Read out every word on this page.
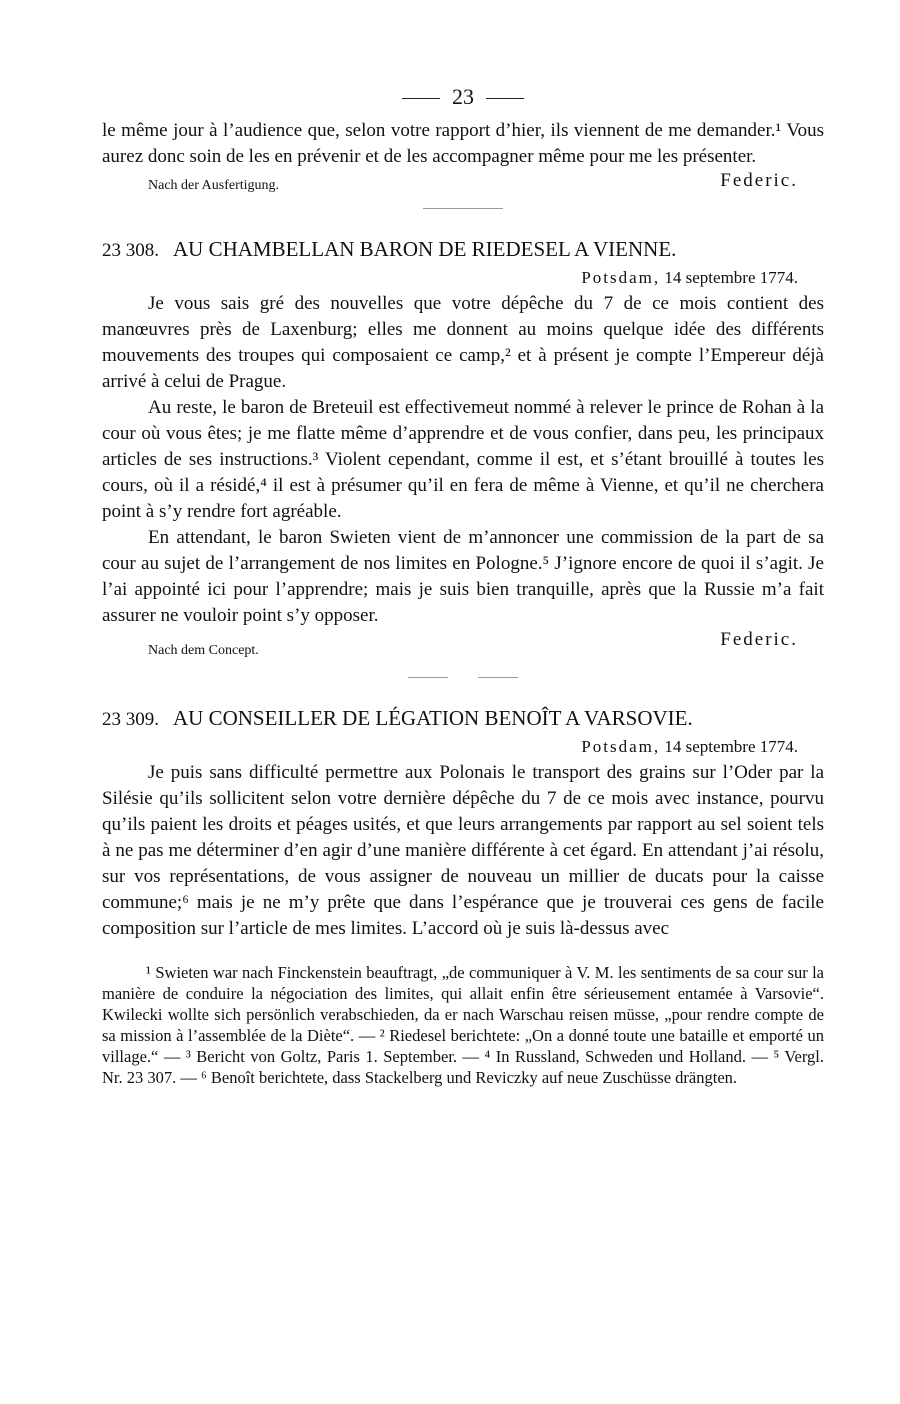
23

le même jour à l’audience que, selon votre rapport d’hier, ils viennent de me demander.¹ Vous aurez donc soin de les en prévenir et de les accompagner même pour me les présenter.

Nach der Ausfertigung.	Federic.

23 308. AU CHAMBELLAN BARON DE RIEDESEL A VIENNE.

Potsdam, 14 septembre 1774.

Je vous sais gré des nouvelles que votre dépêche du 7 de ce mois contient des manœuvres près de Laxenburg; elles me donnent au moins quelque idée des différents mouvements des troupes qui composaient ce camp,² et à présent je compte l’Empereur déjà arrivé à celui de Prague.

Au reste, le baron de Breteuil est effectivemeut nommé à relever le prince de Rohan à la cour où vous êtes; je me flatte même d’apprendre et de vous confier, dans peu, les principaux articles de ses instructions.³ Violent cependant, comme il est, et s’étant brouillé à toutes les cours, où il a résidé,⁴ il est à présumer qu’il en fera de même à Vienne, et qu’il ne cherchera point à s’y rendre fort agréable.

En attendant, le baron Swieten vient de m’annoncer une commission de la part de sa cour au sujet de l’arrangement de nos limites en Pologne.⁵ J’ignore encore de quoi il s’agit. Je l’ai appointé ici pour l’apprendre; mais je suis bien tranquille, après que la Russie m’a fait assurer ne vouloir point s’y opposer.

Nach dem Concept.
Federic.

23 309. AU CONSEILLER DE LÉGATION BENOÎT A VARSOVIE.

Potsdam, 14 septembre 1774.

Je puis sans difficulté permettre aux Polonais le transport des grains sur l’Oder par la Silésie qu’ils sollicitent selon votre dernière dépêche du 7 de ce mois avec instance, pourvu qu’ils paient les droits et péages usités, et que leurs arrangements par rapport au sel soient tels à ne pas me déterminer d’en agir d’une manière différente à cet égard. En attendant j’ai résolu, sur vos représentations, de vous assigner de nouveau un millier de ducats pour la caisse commune;⁶ mais je ne m’y prête que dans l’espérance que je trouverai ces gens de facile composition sur l’article de mes limites. L’accord où je suis là-dessus avec

¹ Swieten war nach Finckenstein beauftragt, „de communiquer à V. M. les sentiments de sa cour sur la manière de conduire la négociation des limites, qui allait enfin être sérieusement entamée à Varsovie“. Kwilecki wollte sich persönlich verabschieden, da er nach Warschau reisen müsse, „pour rendre compte de sa mission à l’assemblée de la Diète“. — ² Riedesel berichtete: „On a donné toute une bataille et emporté un village.“ — ³ Bericht von Goltz, Paris 1. September. — ⁴ In Russland, Schweden und Holland. — ⁵ Vergl. Nr. 23 307. — ⁶ Benoît berichtete, dass Stackelberg und Reviczky auf neue Zuschüsse drängten.
